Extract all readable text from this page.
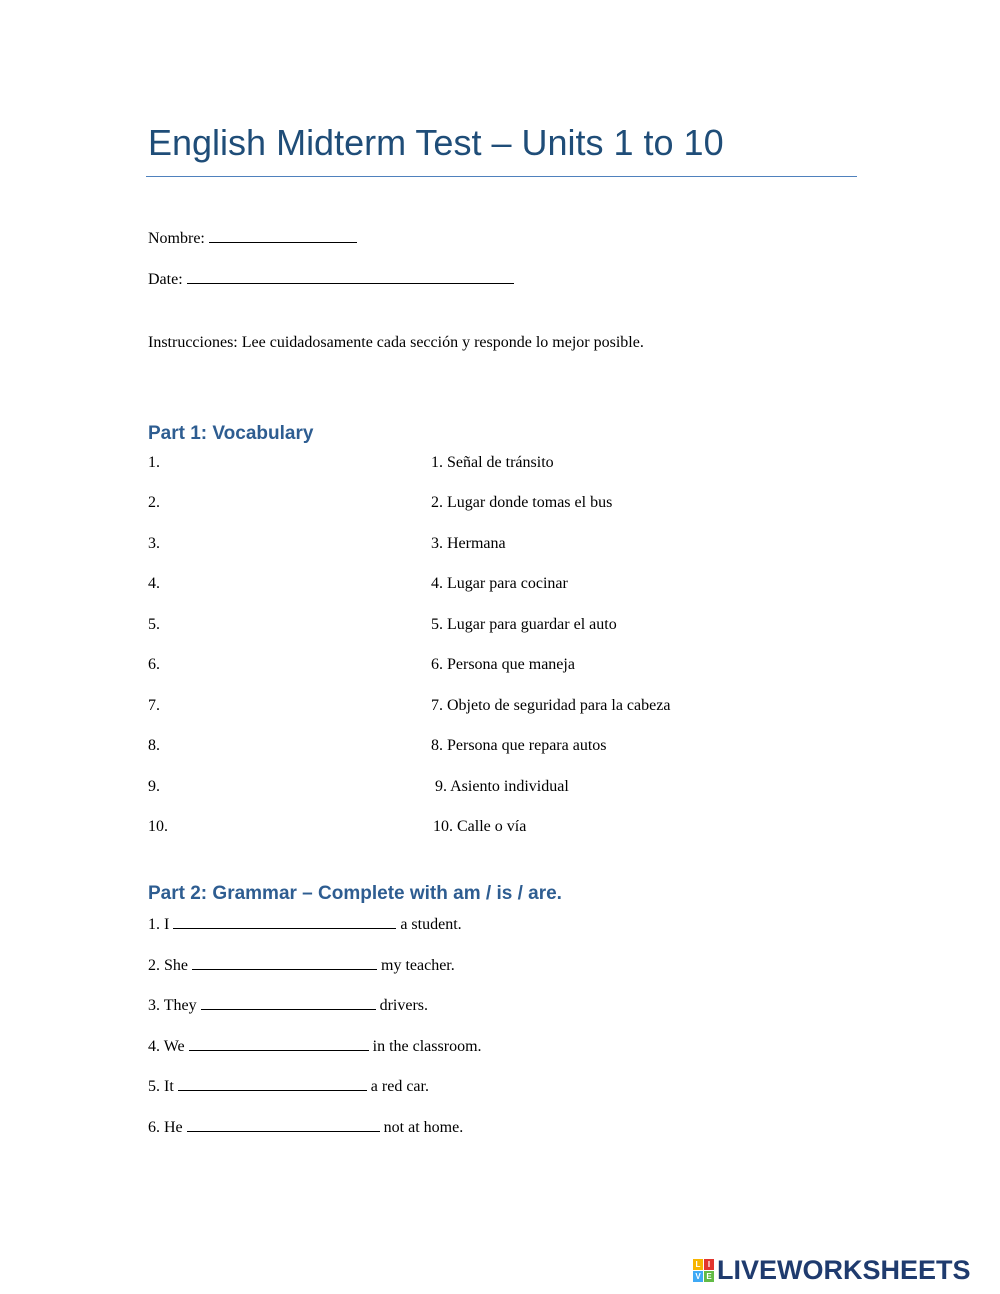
English Midterm Test – Units 1 to 10
Nombre:
Date:
Instrucciones: Lee cuidadosamente cada sección y responde lo mejor posible.
Part 1: Vocabulary
1.	1. Señal de tránsito
2.	2. Lugar donde tomas el bus
3.	3. Hermana
4.	4. Lugar para cocinar
5.	5. Lugar para guardar el auto
6.	6. Persona que maneja
7.	7. Objeto de seguridad para la cabeza
8.	8. Persona que repara autos
9.	9. Asiento individual
10.	10. Calle o vía
Part 2: Grammar – Complete with am / is / are.
1. I	a student.
2. She	my teacher.
3. They	drivers.
4. We	in the classroom.
5. It	a red car.
6. He	not at home.
L I
V E LIVEWORKSHEETS
